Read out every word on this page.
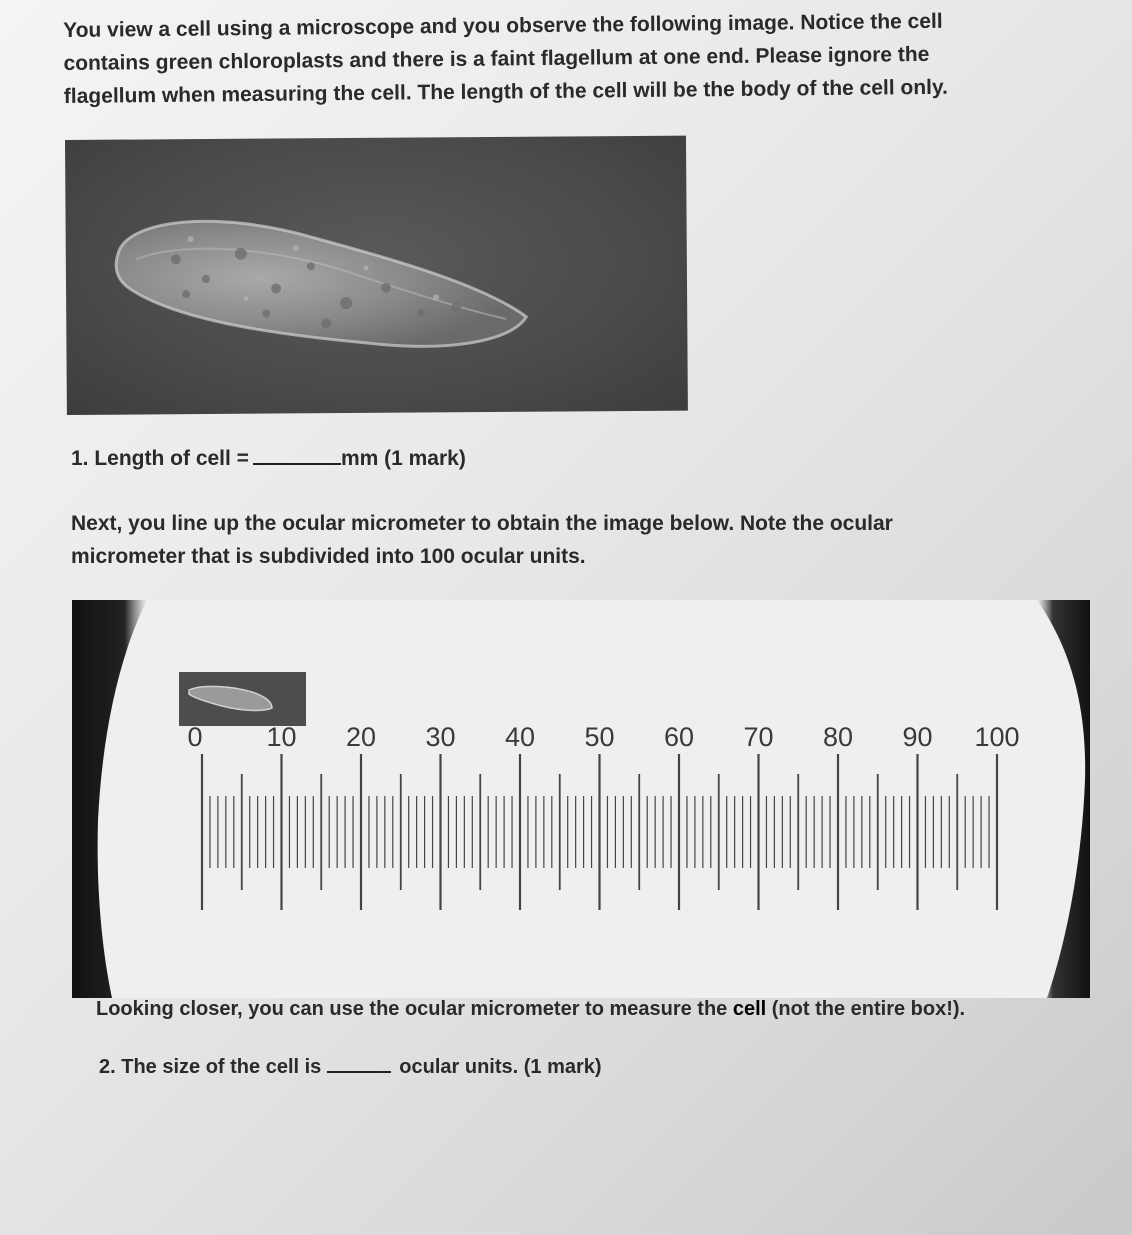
You view a cell using a microscope and you observe the following image. Notice the cell
contains green chloroplasts and there is a faint flagellum at one end. Please ignore the
flagellum when measuring the cell. The length of the cell will be the body of the cell only.
1. Length of cell =	mm (1 mark)
Next, you line up the ocular micrometer to obtain the image below. Note the ocular
micrometer that is subdivided into 100 ocular units.
0 10 20 30 40 50 60 70 80 90 100
Looking closer, you can use the ocular micrometer to measure the cell (not the entire box!).
2. The size of the cell is	ocular units. (1 mark)
